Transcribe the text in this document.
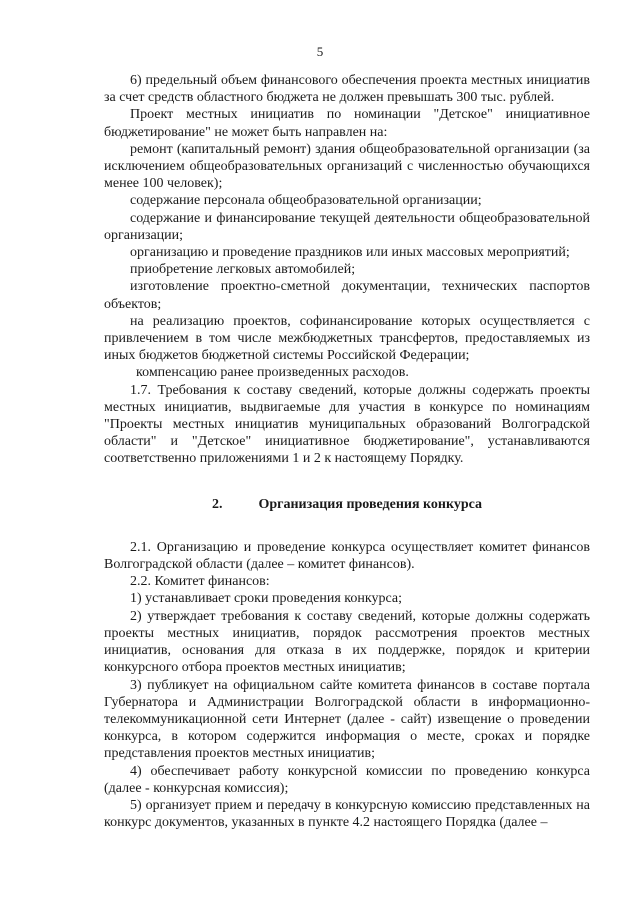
5

6) предельный объем финансового обеспечения проекта местных инициатив за счет средств областного бюджета не должен превышать 300 тыс. рублей.

Проект местных инициатив по номинации "Детское" инициативное бюджетирование" не может быть направлен на:

ремонт (капитальный ремонт) здания общеобразовательной организации (за исключением общеобразовательных организаций с численностью обучающихся менее 100 человек);

содержание персонала общеобразовательной организации;

содержание и финансирование текущей деятельности общеобразовательной организации;

организацию и проведение праздников или иных массовых мероприятий;

приобретение легковых автомобилей;

изготовление проектно-сметной документации, технических паспортов объектов;

на реализацию проектов, софинансирование которых осуществляется с привлечением в том числе межбюджетных трансфертов, предоставляемых из иных бюджетов бюджетной системы Российской Федерации;

компенсацию ранее произведенных расходов.

1.7. Требования к составу сведений, которые должны содержать проекты местных инициатив, выдвигаемые для участия в конкурсе по номинациям "Проекты местных инициатив муниципальных образований Волгоградской области" и "Детское" инициативное бюджетирование", устанавливаются соответственно приложениями 1 и 2 к настоящему Порядку.

2.	Организация проведения конкурса

2.1. Организацию и проведение конкурса осуществляет комитет финансов Волгоградской области (далее – комитет финансов).

2.2. Комитет финансов:

1) устанавливает сроки проведения конкурса;

2) утверждает требования к составу сведений, которые должны содержать проекты местных инициатив, порядок рассмотрения проектов местных инициатив, основания для отказа в их поддержке, порядок и критерии конкурсного отбора проектов местных инициатив;

3) публикует на официальном сайте комитета финансов в составе портала Губернатора и Администрации Волгоградской области в информационно-телекоммуникационной сети Интернет (далее - сайт) извещение о проведении конкурса, в котором содержится информация о месте, сроках и порядке представления проектов местных инициатив;

4) обеспечивает работу конкурсной комиссии по проведению конкурса (далее - конкурсная комиссия);

5) организует прием и передачу в конкурсную комиссию представленных на конкурс документов, указанных в пункте 4.2 настоящего Порядка (далее –
